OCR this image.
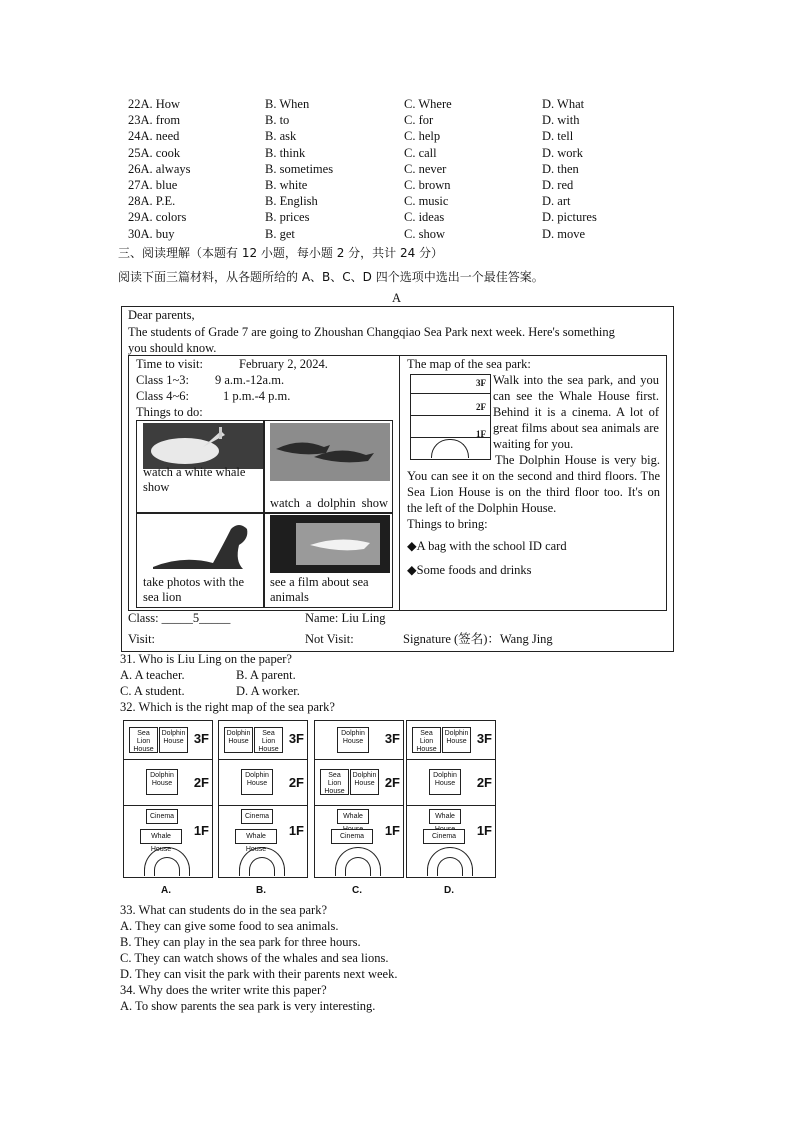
22A. How	B. When	C. Where	D. What
23A. from	B. to	C. for	D. with
24A. need	B. ask	C. help	D. tell
25A. cook	B. think	C. call	D. work
26A. always	B. sometimes	C. never	D. then
27A. blue	B. white	C. brown	D. red
28A. P.E.	B. English	C. music	D. art
29A. colors	B. prices	C. ideas	D. pictures
30A. buy	B. get	C. show	D. move
三、阅读理解（本题有 12 小题，每小题 2 分，共计 24 分）
阅读下面三篇材料，从各题所给的 A、B、C、D 四个选项中选出一个最佳答案。
A
Dear parents,
The students of Grade 7 are going to Zhoushan Changqiao Sea Park next week. Here's something
you should know.
Time to visit:	February 2, 2024.
Class 1~3: 9 a.m.-12a.m.
Class 4~6:	1 p.m.-4 p.m.
Things to do:
watch a white whale show
watch a dolphin show
take photos with the sea lion
see a film about sea animals
The map of the sea park:
3F
2F
1F
Walk into the sea park, and you can see the Whale House first. Behind it is a cinema. A lot of great films about sea animals are waiting for you.
The Dolphin House is very big. You can see it on the second and third floors. The Sea Lion House is on the third floor too. It's on the left of the Dolphin House.
Things to bring:
◆A bag with the school ID card
◆Some foods and drinks
Class: _____5_____	Name: Liu Ling
Visit:	Not Visit:	Signature (签名)：Wang Jing
31. Who is Liu Ling on the paper?
A. A teacher.	B. A parent.
C. A student.	D. A worker.
32. Which is the right map of the sea park?
3F
2F
1F
Sea Lion House
Dolphin House
Dolphin House
Cinema
Whale House
A.
3F
2F
1F
Dolphin House
Sea Lion House
Dolphin House
Cinema
Whale House
B.
3F
2F
1F
Dolphin House
Sea Lion House
Dolphin House
Whale
Cinema
C.
3F
2F
1F
Sea Lion House
Dolphin House
Dolphin House
Whale
Cinema
D.
33. What can students do in the sea park?
A. They can give some food to sea animals.
B. They can play in the sea park for three hours.
C. They can watch shows of the whales and sea lions.
D. They can visit the park with their parents next week.
34. Why does the writer write this paper?
A. To show parents the sea park is very interesting.
